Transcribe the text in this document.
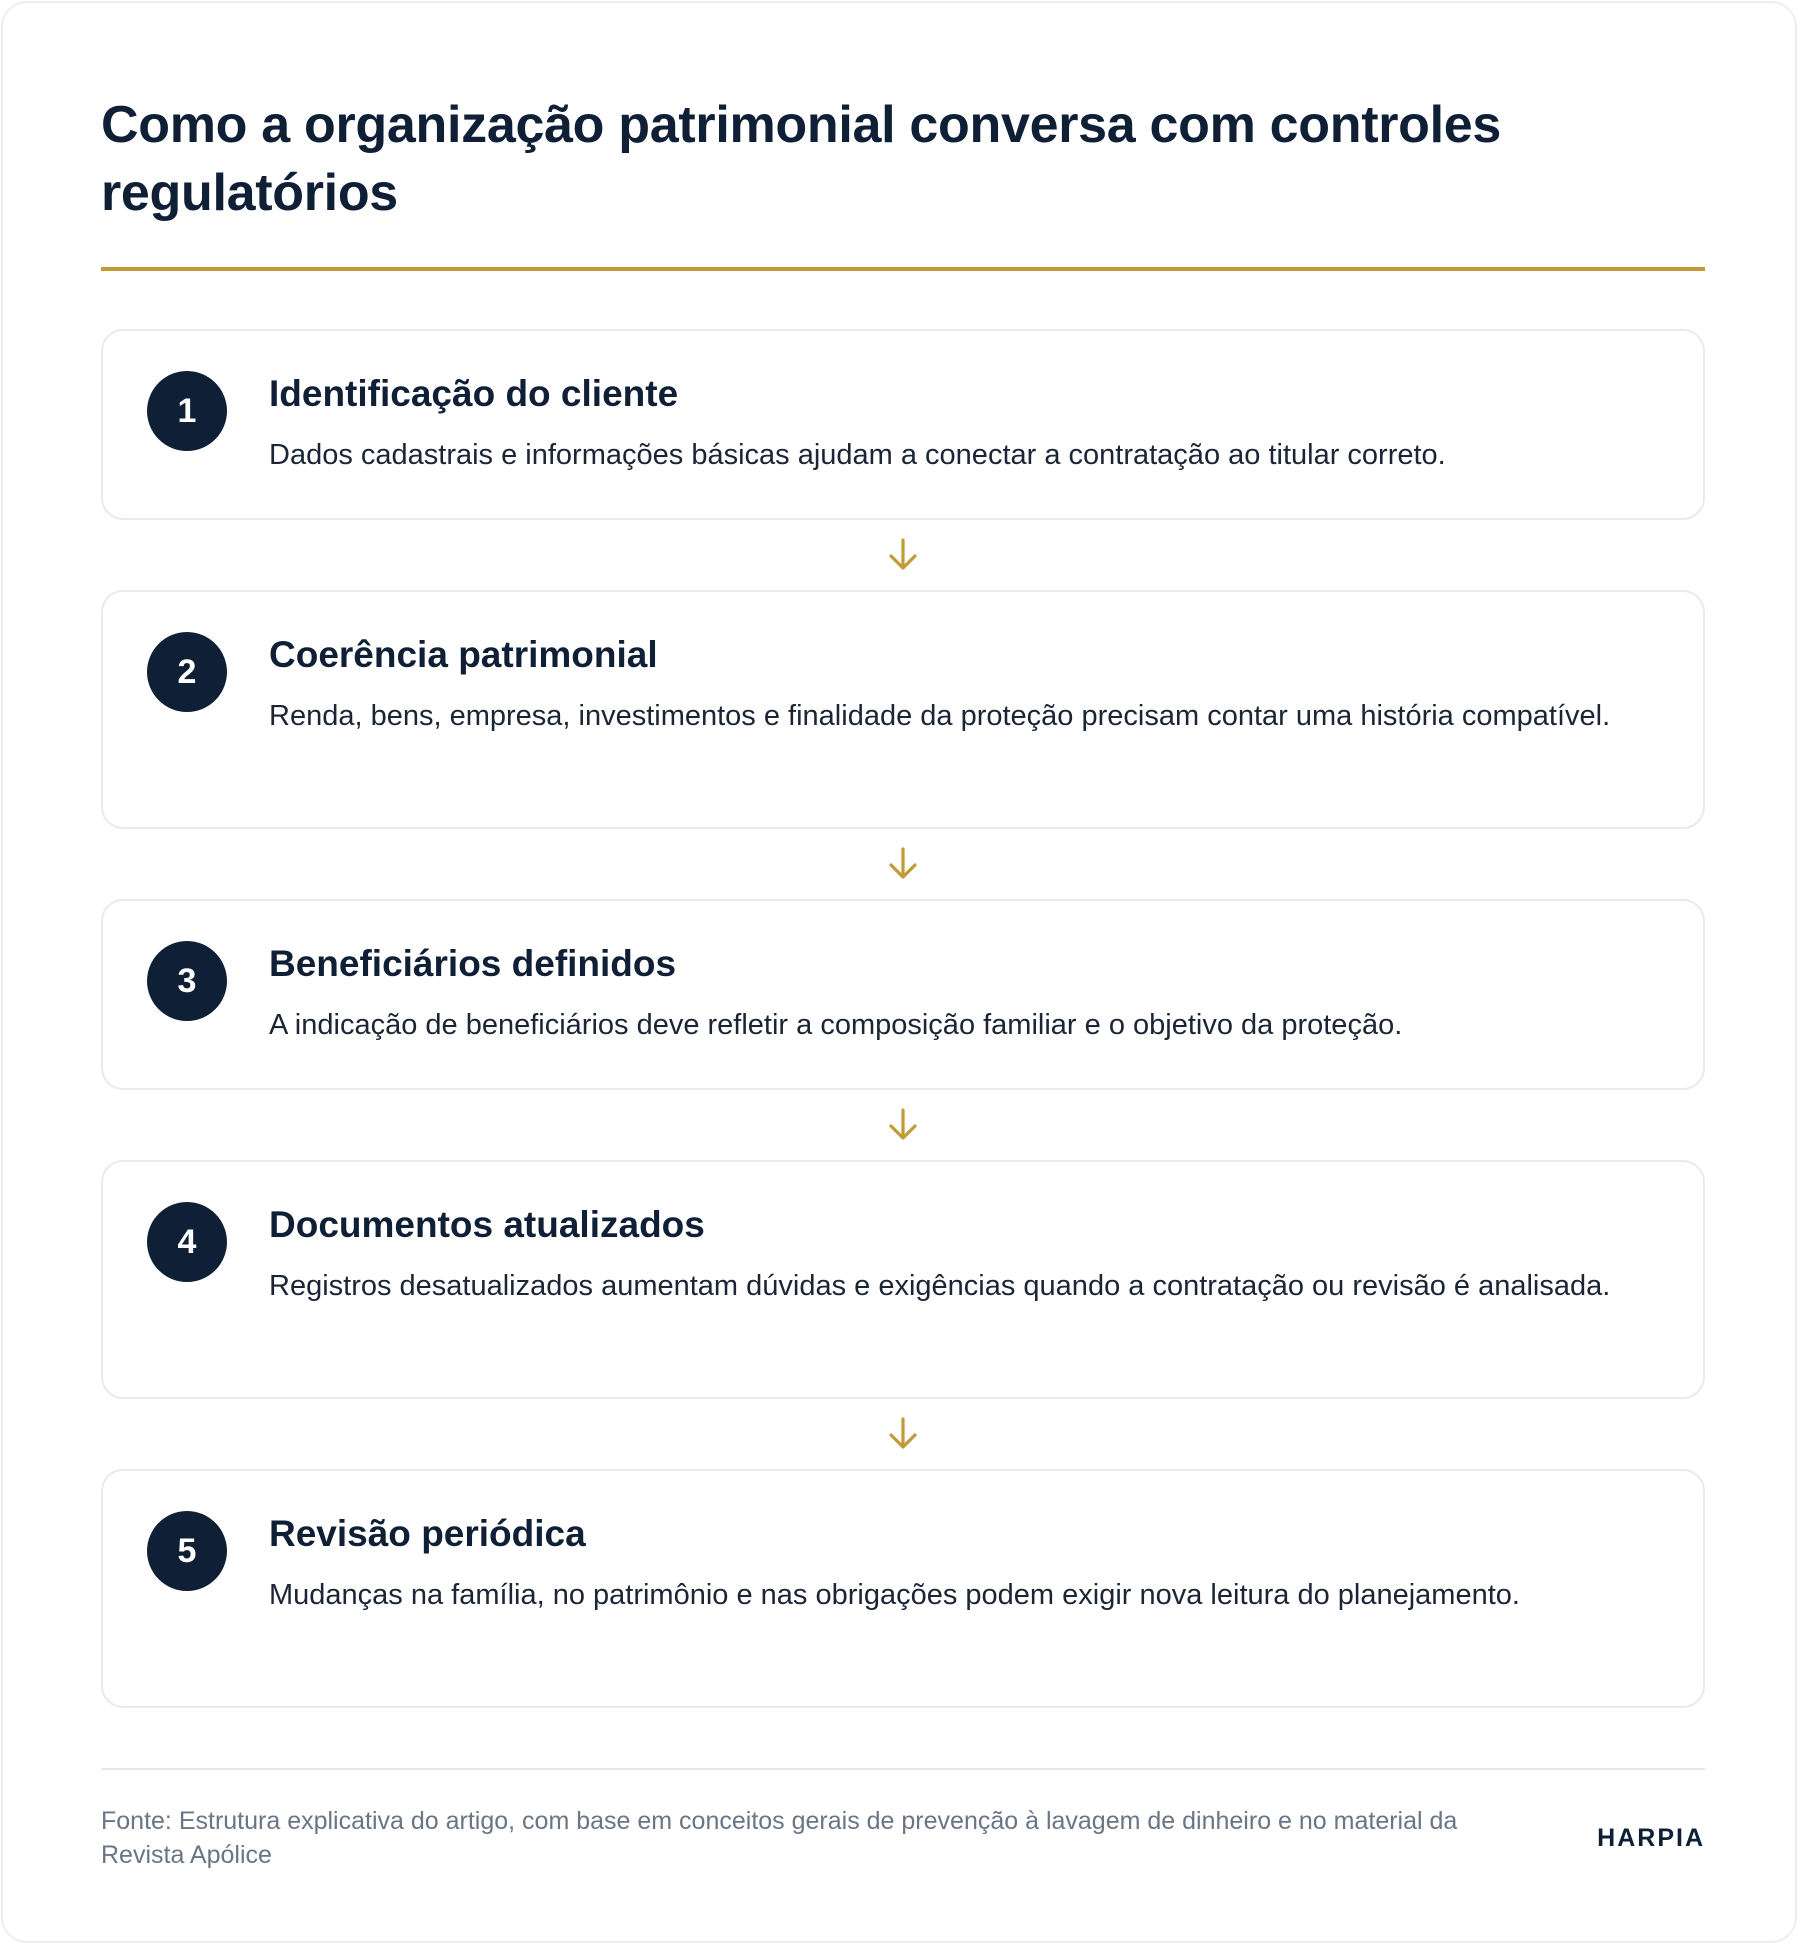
Como a organização patrimonial conversa com controles regulatórios
1	Identificação do cliente

Dados cadastrais e informações básicas ajudam a conectar a contratação ao titular correto.

2	Coerência patrimonial

Renda, bens, empresa, investimentos e finalidade da proteção precisam contar uma história compatível.

3	Beneficiários definidos

A indicação de beneficiários deve refletir a composição familiar e o objetivo da proteção.

4	Documentos atualizados

Registros desatualizados aumentam dúvidas e exigências quando a contratação ou revisão é analisada.

5	Revisão periódica

Mudanças na família, no patrimônio e nas obrigações podem exigir nova leitura do planejamento.

Fonte: Estrutura explicativa do artigo, com base em conceitos gerais de prevenção à lavagem de dinheiro e no material da Revista Apólice
HARPIA
